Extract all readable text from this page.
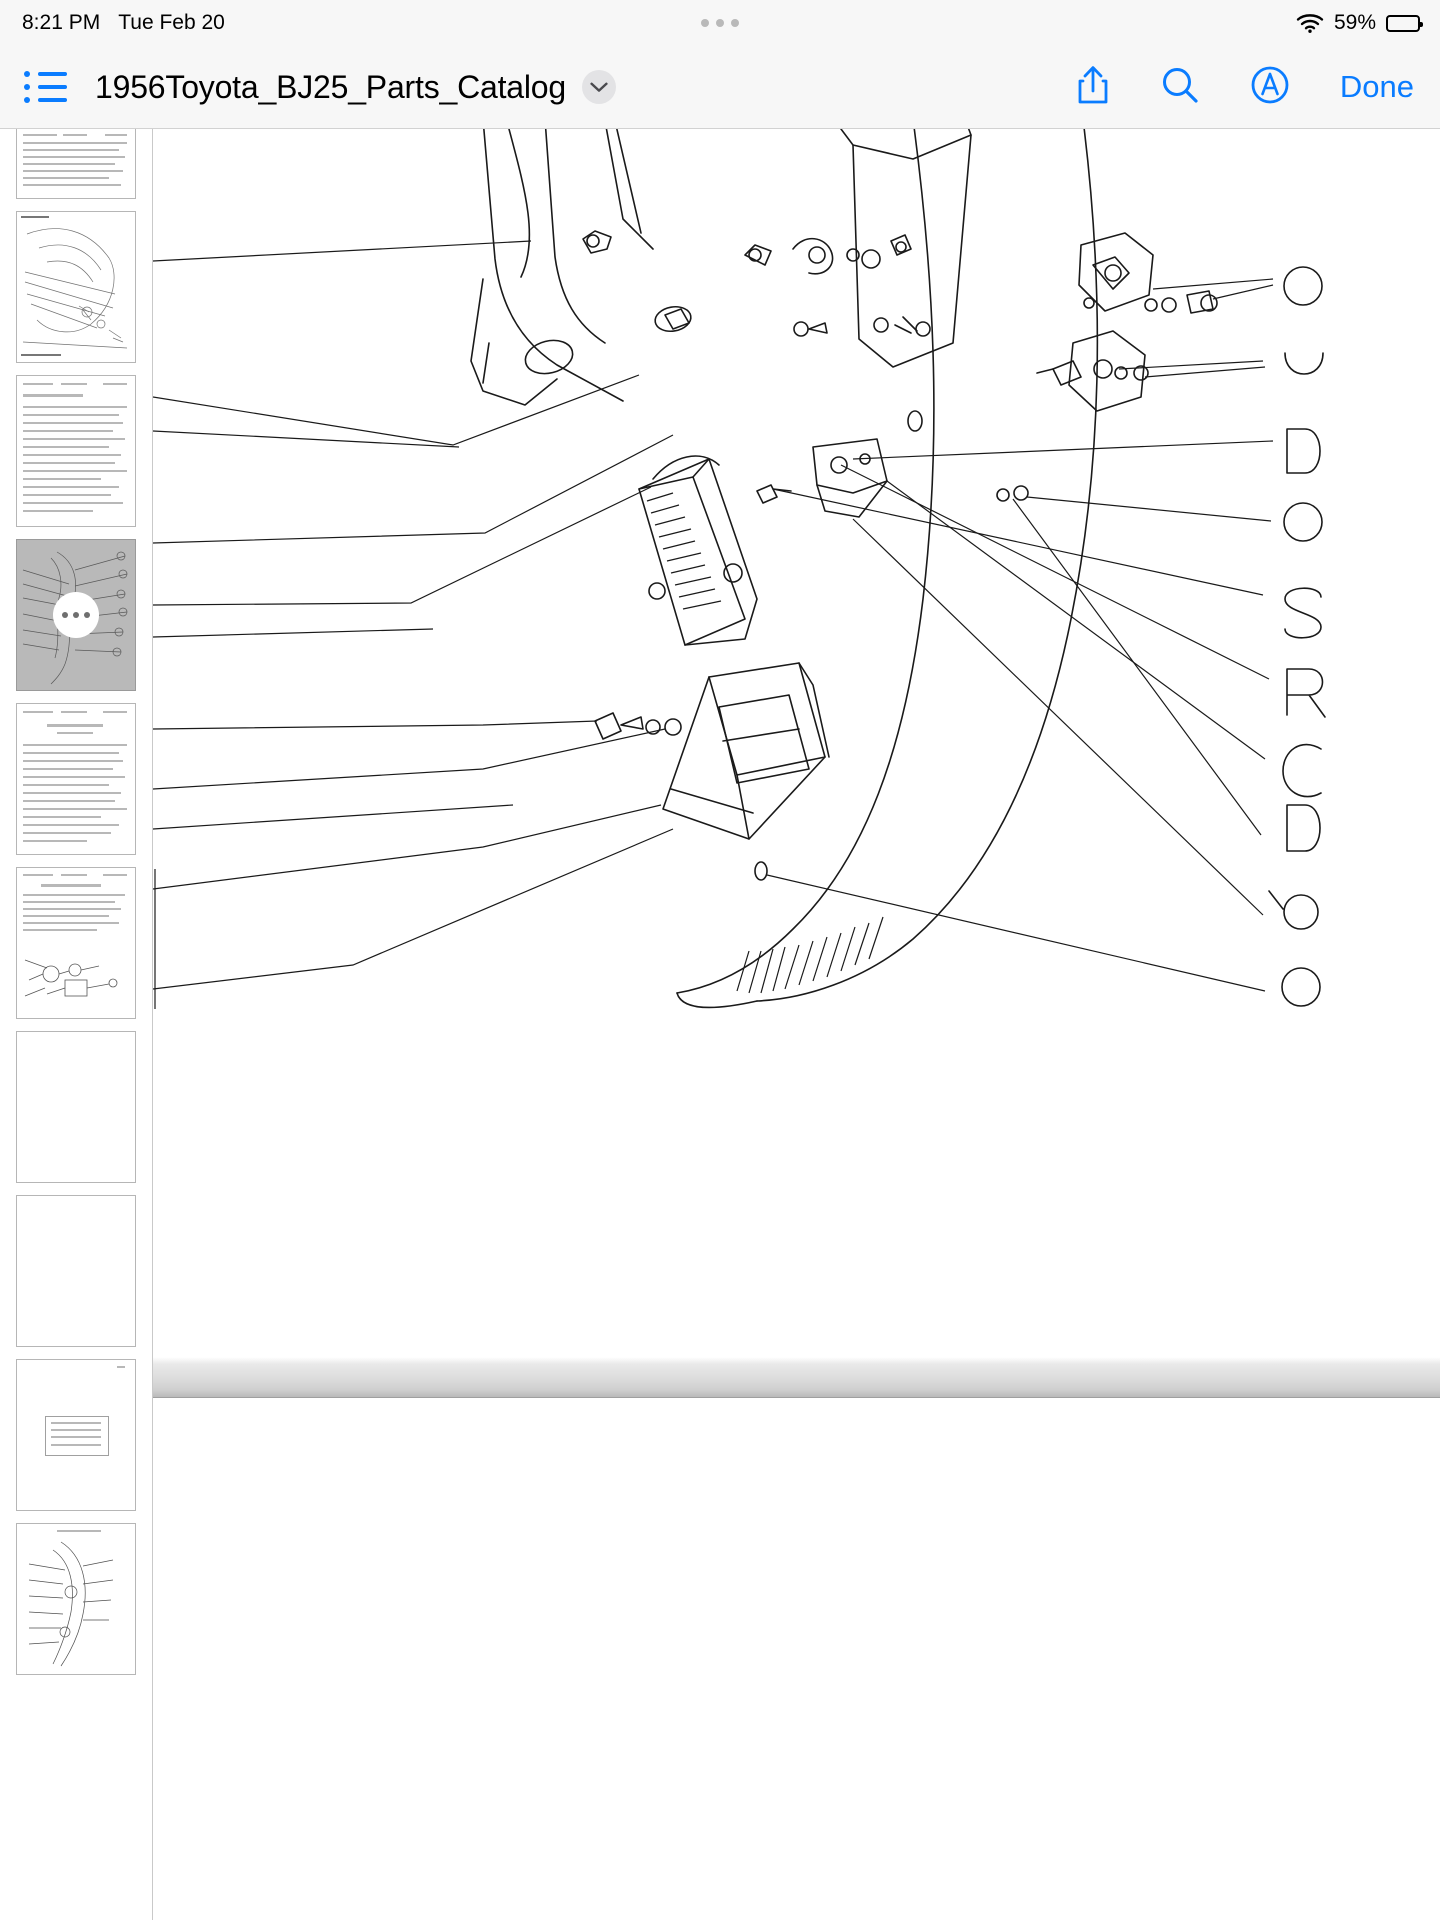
8:21 PM Tue Feb 20	59%
1956Toyota_BJ25_Parts_Catalog	Done
